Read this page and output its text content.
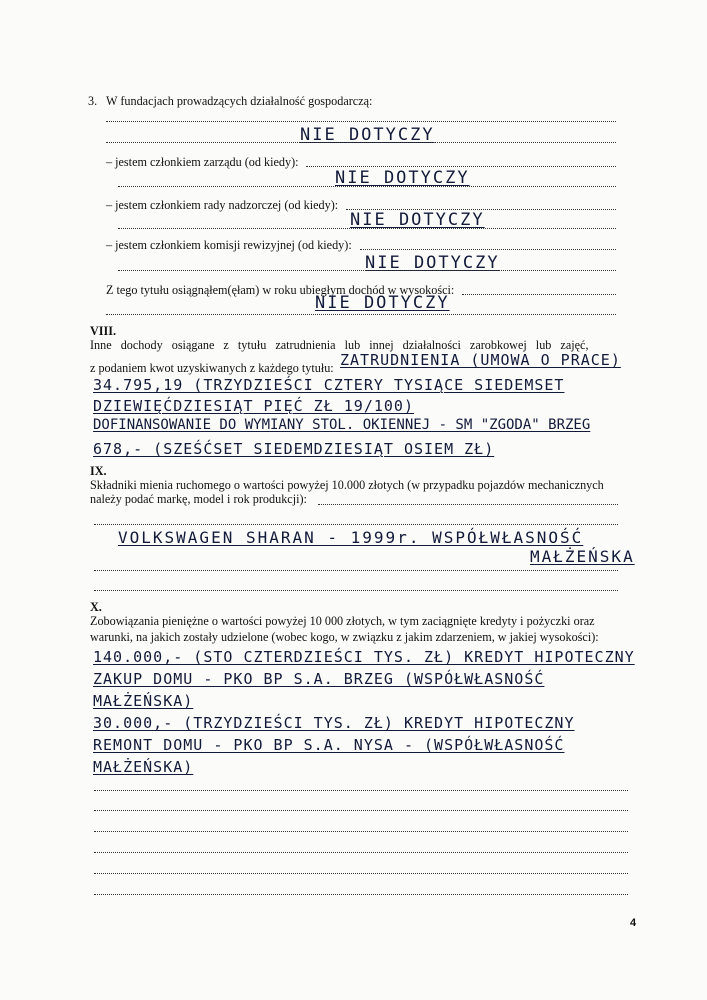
3. W fundacjach prowadzących działalność gospodarczą:
NIE DOTYCZY
– jestem członkiem zarządu (od kiedy):
NIE DOTYCZY
– jestem członkiem rady nadzorczej (od kiedy):
NIE DOTYCZY
– jestem członkiem komisji rewizyjnej (od kiedy):
NIE DOTYCZY
Z tego tytułu osiągnąłem(ęłam) w roku ubiegłym dochód w wysokości:
NIE DOTYCZY
VIII.
Inne dochody osiągane z tytułu zatrudnienia lub innej działalności zarobkowej lub zajęć,
z podaniem kwot uzyskiwanych z każdego tytułu: ZATRUDNIENIA (UMOWA O PRACE)
34.795,19 (TRZYDZIEŚCI CZTERY TYSIĄCE SIEDEMSET
DZIEWIĘĆDZIESIĄT PIĘĆ ZŁ 19/100)
DOFINANSOWANIE DO WYMIANY STOL. OKIENNEJ - SM "ZGODA" BRZEG
678,- (SZEŚĆSET SIEDEMDZIESIĄT OSIEM ZŁ)
IX.
Składniki mienia ruchomego o wartości powyżej 10.000 złotych (w przypadku pojazdów mechanicznych
należy podać markę, model i rok produkcji):
VOLKSWAGEN SHARAN - 1999r. WSPÓŁWŁASNOŚĆ
MAŁŻEŃSKA
X.
Zobowiązania pieniężne o wartości powyżej 10 000 złotych, w tym zaciągnięte kredyty i pożyczki oraz
warunki, na jakich zostały udzielone (wobec kogo, w związku z jakim zdarzeniem, w jakiej wysokości):
140.000,- (STO CZTERDZIEŚCI TYS. ZŁ) KREDYT HIPOTECZNY
ZAKUP DOMU - PKO BP S.A. BRZEG (WSPÓŁWŁASNOŚĆ
MAŁŻEŃSKA)
30.000,- (TRZYDZIEŚCI TYS. ZŁ) KREDYT HIPOTECZNY
REMONT DOMU - PKO BP S.A. NYSA - (WSPÓŁWŁASNOŚĆ
MAŁŻEŃSKA)
4
